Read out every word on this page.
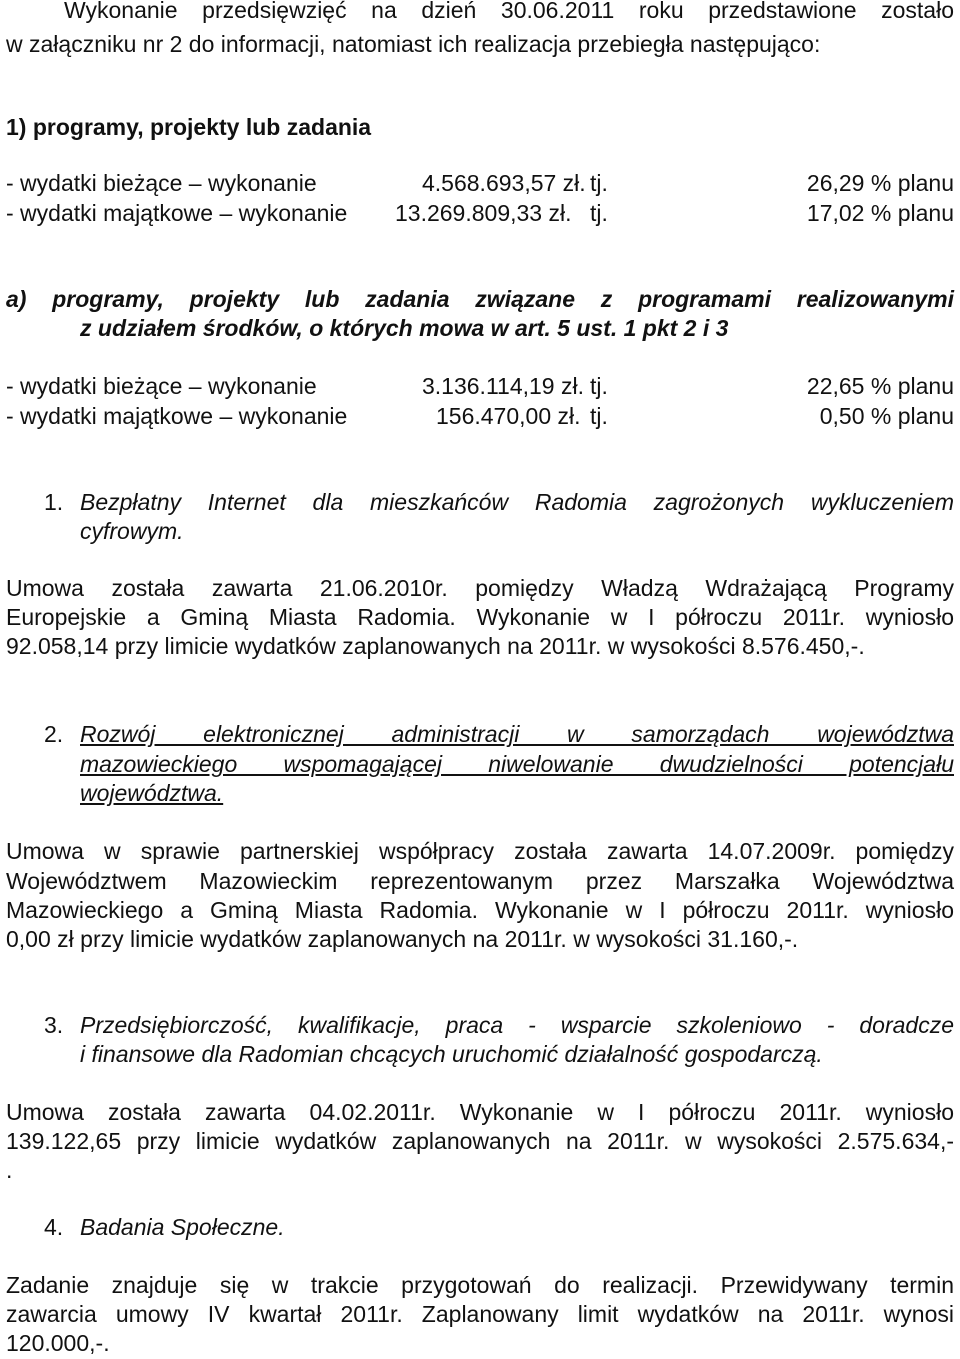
Wykonanie przedsięwzięć na dzień 30.06.2011 roku przedstawione zostało
w załączniku nr 2 do informacji, natomiast ich realizacja przebiegła następująco:
1) programy, projekty lub zadania
- wydatki bieżące – wykonanie	4.568.693,57 zł. tj.	26,29 % planu
- wydatki majątkowe – wykonanie 13.269.809,33 zł. tj.	17,02 % planu
a) programy, projekty lub zadania związane z programami realizowanymi
z udziałem środków, o których mowa w art. 5 ust. 1 pkt 2 i 3
- wydatki bieżące – wykonanie	3.136.114,19 zł. tj.	22,65 % planu
- wydatki majątkowe – wykonanie	156.470,00 zł. tj.	0,50 % planu
1. Bezpłatny Internet dla mieszkańców Radomia zagrożonych wykluczeniem
cyfrowym.
Umowa została zawarta 21.06.2010r. pomiędzy Władzą Wdrażającą Programy
Europejskie a Gminą Miasta Radomia. Wykonanie w I półroczu 2011r. wyniosło
92.058,14 przy limicie wydatków zaplanowanych na 2011r. w wysokości 8.576.450,-.
2. Rozwój elektronicznej administracji w samorządach województwa
mazowieckiego wspomagającej niwelowanie dwudzielności potencjału
województwa.
Umowa w sprawie partnerskiej współpracy została zawarta 14.07.2009r. pomiędzy
Województwem Mazowieckim reprezentowanym przez Marszałka Województwa
Mazowieckiego a Gminą Miasta Radomia. Wykonanie w I półroczu 2011r. wyniosło
0,00 zł przy limicie wydatków zaplanowanych na 2011r. w wysokości 31.160,-.
3. Przedsiębiorczość, kwalifikacje, praca - wsparcie szkoleniowo - doradcze
i finansowe dla Radomian chcących uruchomić działalność gospodarczą.
Umowa została zawarta 04.02.2011r. Wykonanie w I półroczu 2011r. wyniosło
139.122,65 przy limicie wydatków zaplanowanych na 2011r. w wysokości 2.575.634,-
.
4. Badania Społeczne.
Zadanie znajduje się w trakcie przygotowań do realizacji. Przewidywany termin
zawarcia umowy IV kwartał 2011r. Zaplanowany limit wydatków na 2011r. wynosi
120.000,-.
